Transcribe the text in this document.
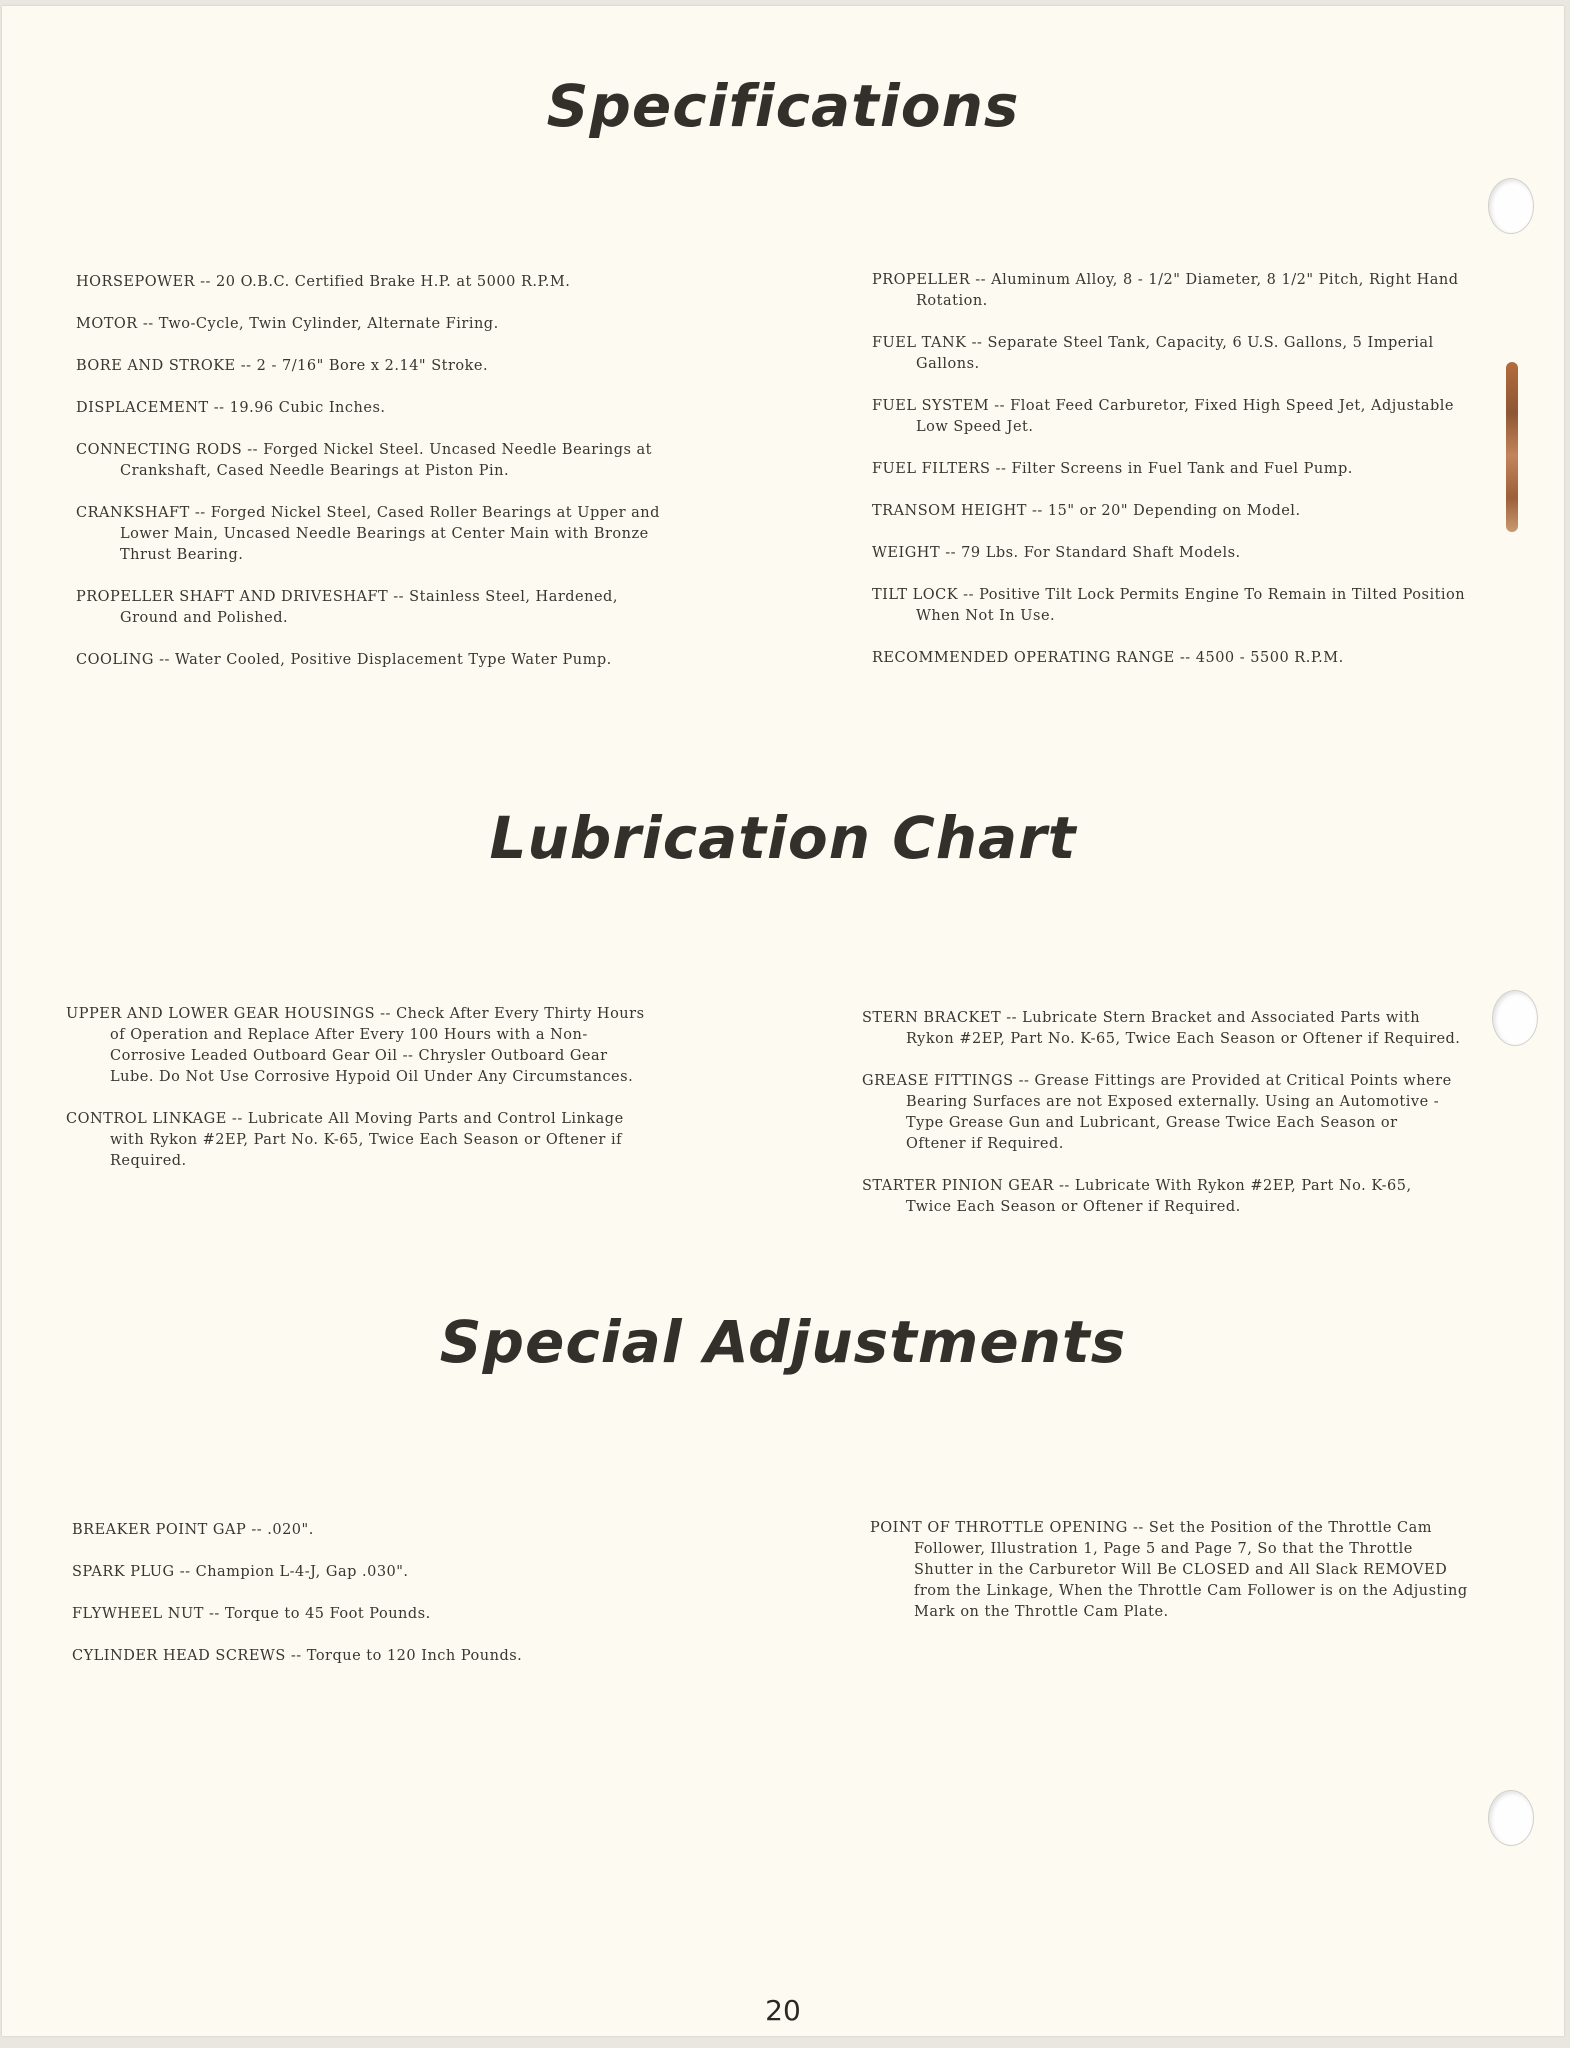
Specifications

HORSEPOWER -- 20 O.B.C. Certified Brake H.P. at 5000 R.P.M.

MOTOR -- Two-Cycle, Twin Cylinder, Alternate Firing.

BORE AND STROKE -- 2 - 7/16" Bore x 2.14" Stroke.

DISPLACEMENT -- 19.96 Cubic Inches.

CONNECTING RODS -- Forged Nickel Steel. Uncased Needle Bearings at Crankshaft, Cased Needle Bearings at Piston Pin.

CRANKSHAFT -- Forged Nickel Steel, Cased Roller Bearings at Upper and Lower Main, Uncased Needle Bearings at Center Main with Bronze Thrust Bearing.

PROPELLER SHAFT AND DRIVESHAFT -- Stainless Steel, Hardened, Ground and Polished.

COOLING -- Water Cooled, Positive Displacement Type Water Pump.

PROPELLER -- Aluminum Alloy, 8 - 1/2" Diameter, 8 1/2" Pitch, Right Hand Rotation.

FUEL TANK -- Separate Steel Tank, Capacity, 6 U.S. Gallons, 5 Imperial Gallons.

FUEL SYSTEM -- Float Feed Carburetor, Fixed High Speed Jet, Adjustable Low Speed Jet.

FUEL FILTERS -- Filter Screens in Fuel Tank and Fuel Pump.

TRANSOM HEIGHT -- 15" or 20" Depending on Model.

WEIGHT -- 79 Lbs. For Standard Shaft Models.

TILT LOCK -- Positive Tilt Lock Permits Engine To Remain in Tilted Position When Not In Use.

RECOMMENDED OPERATING RANGE -- 4500 - 5500 R.P.M.

Lubrication Chart

UPPER AND LOWER GEAR HOUSINGS -- Check After Every Thirty Hours of Operation and Replace After Every 100 Hours with a Non-Corrosive Leaded Outboard Gear Oil -- Chrysler Outboard Gear Lube. Do Not Use Corrosive Hypoid Oil Under Any Circumstances.

CONTROL LINKAGE -- Lubricate All Moving Parts and Control Linkage with Rykon #2EP, Part No. K-65, Twice Each Season or Oftener if Required.

STERN BRACKET -- Lubricate Stern Bracket and Associated Parts with Rykon #2EP, Part No. K-65, Twice Each Season or Oftener if Required.

GREASE FITTINGS -- Grease Fittings are Provided at Critical Points where Bearing Surfaces are not Exposed externally. Using an Automotive - Type Grease Gun and Lubricant, Grease Twice Each Season or Oftener if Required.

STARTER PINION GEAR -- Lubricate With Rykon #2EP, Part No. K-65, Twice Each Season or Oftener if Required.

Special Adjustments

BREAKER POINT GAP -- .020".

SPARK PLUG -- Champion L-4-J, Gap .030".

FLYWHEEL NUT -- Torque to 45 Foot Pounds.

CYLINDER HEAD SCREWS -- Torque to 120 Inch Pounds.

POINT OF THROTTLE OPENING -- Set the Position of the Throttle Cam Follower, Illustration 1, Page 5 and Page 7, So that the Throttle Shutter in the Carburetor Will Be CLOSED and All Slack REMOVED from the Linkage, When the Throttle Cam Follower is on the Adjusting Mark on the Throttle Cam Plate.

20
